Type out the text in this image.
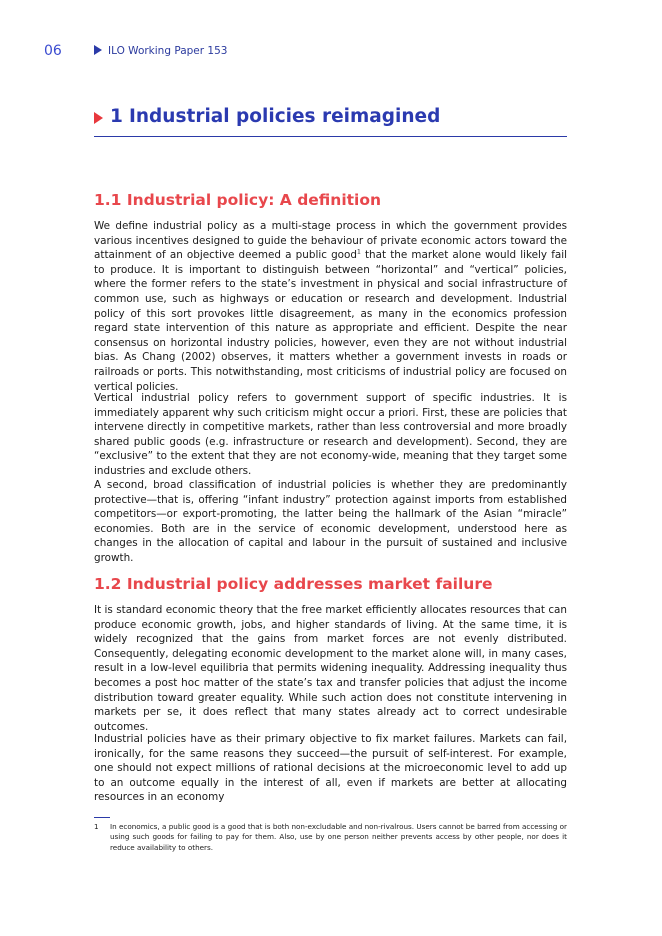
06	ILO Working Paper 153
1 Industrial policies reimagined
1.1 Industrial policy: A definition
We define industrial policy as a multi-stage process in which the government provides various incentives designed to guide the behaviour of private economic actors toward the attainment of an objective deemed a public good$^1$ that the market alone would likely fail to produce. It is important to distinguish between “horizontal” and “vertical” policies, where the former refers to the state’s investment in physical and social infrastructure of common use, such as highways or education or research and development. Industrial policy of this sort provokes little disagreement, as many in the economics profession regard state intervention of this nature as appropriate and efficient. Despite the near consensus on horizontal industry policies, however, even they are not without industrial bias. As Chang (2002) observes, it matters whether a government invests in roads or railroads or ports. This notwithstanding, most criticisms of industrial policy are focused on vertical policies.
Vertical industrial policy refers to government support of specific industries. It is immediately apparent why such criticism might occur a priori. First, these are policies that intervene directly in competitive markets, rather than less controversial and more broadly shared public goods (e.g. infrastructure or research and development). Second, they are “exclusive” to the extent that they are not economy-wide, meaning that they target some industries and exclude others.
A second, broad classification of industrial policies is whether they are predominantly protective—that is, offering “infant industry” protection against imports from established competitors—or export-promoting, the latter being the hallmark of the Asian “miracle” economies. Both are in the service of economic development, understood here as changes in the allocation of capital and labour in the pursuit of sustained and inclusive growth.
1.2 Industrial policy addresses market failure
It is standard economic theory that the free market efficiently allocates resources that can produce economic growth, jobs, and higher standards of living. At the same time, it is widely recognized that the gains from market forces are not evenly distributed. Consequently, delegating economic development to the market alone will, in many cases, result in a low-level equilibria that permits widening inequality. Addressing inequality thus becomes a post hoc matter of the state’s tax and transfer policies that adjust the income distribution toward greater equality. While such action does not constitute intervening in markets per se, it does reflect that many states already act to correct undesirable outcomes.
Industrial policies have as their primary objective to fix market failures. Markets can fail, ironically, for the same reasons they succeed—the pursuit of self-interest. For example, one should not expect millions of rational decisions at the microeconomic level to add up to an outcome equally in the interest of all, even if markets are better at allocating resources in an economy
1 In economics, a public good is a good that is both non-excludable and non-rivalrous. Users cannot be barred from accessing or using such goods for failing to pay for them. Also, use by one person neither prevents access by other people, nor does it reduce availability to others.
